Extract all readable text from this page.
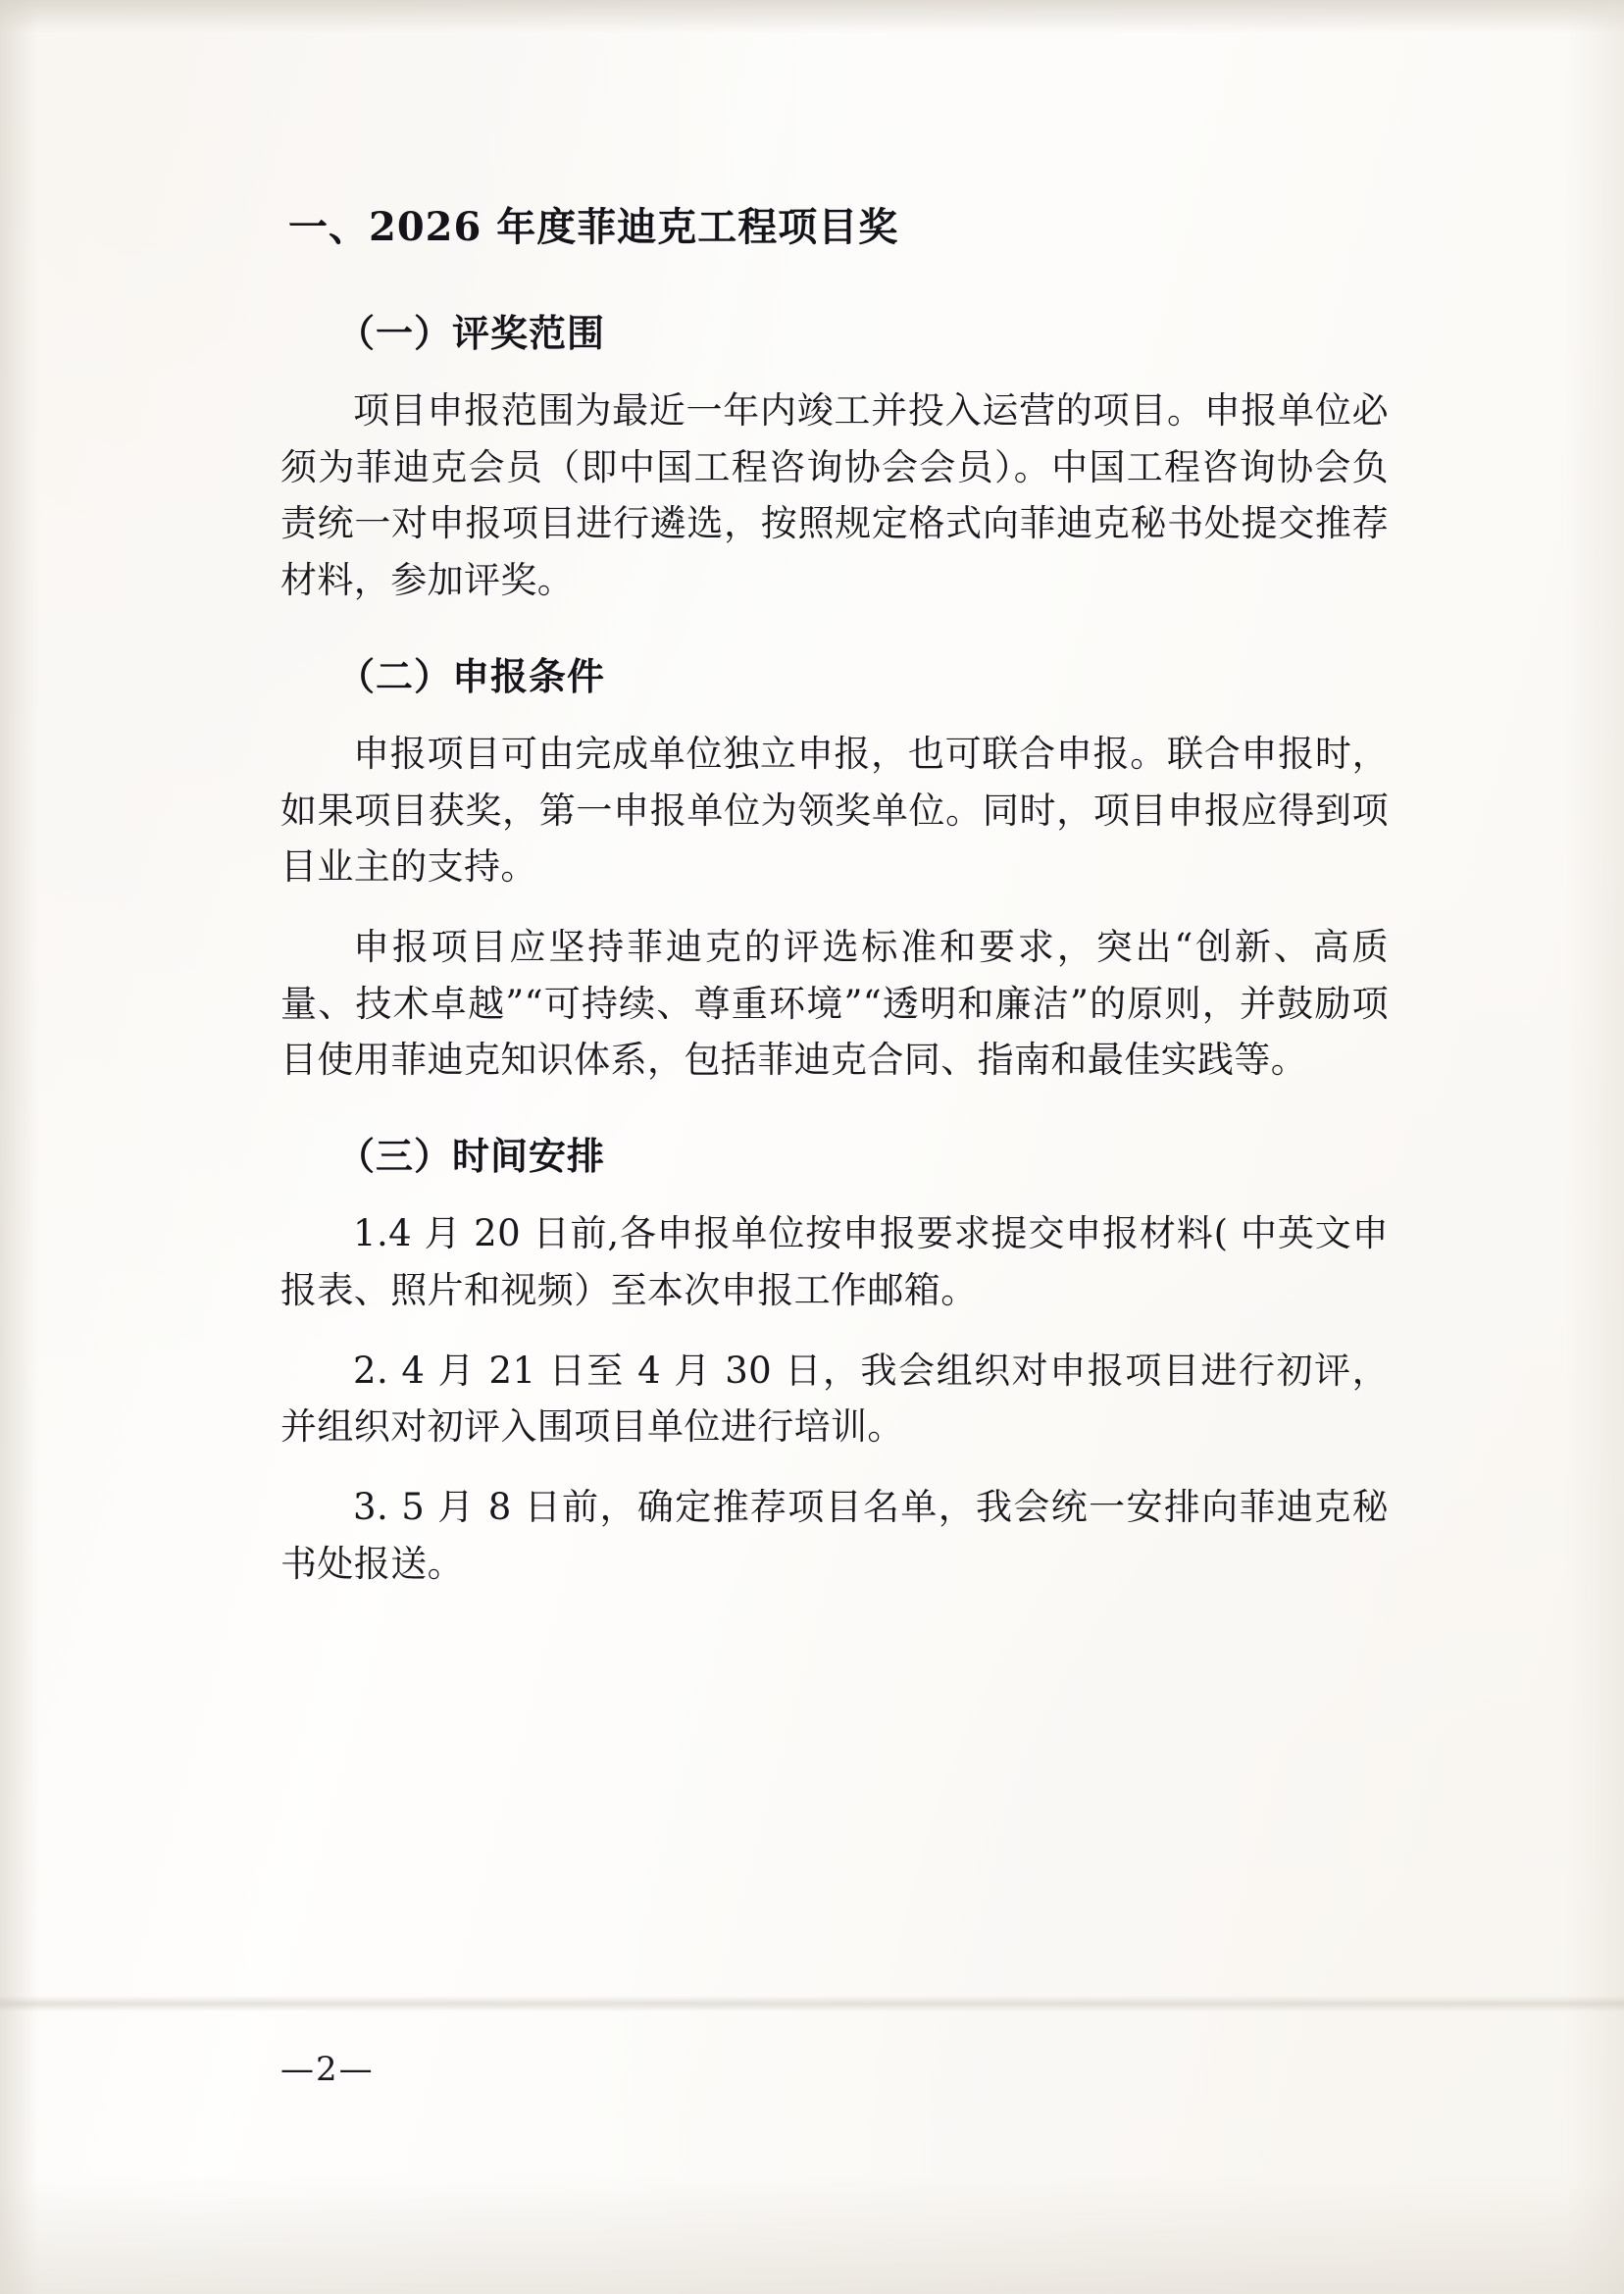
一、2026 年度菲迪克工程项目奖
（一）评奖范围

项目申报范围为最近一年内竣工并投入运营的项目。申报单位必须为菲迪克会员（即中国工程咨询协会会员）。中国工程咨询协会负责统一对申报项目进行遴选，按照规定格式向菲迪克秘书处提交推荐材料，参加评奖。

（二）申报条件

申报项目可由完成单位独立申报，也可联合申报。联合申报时，如果项目获奖，第一申报单位为领奖单位。同时，项目申报应得到项目业主的支持。

申报项目应坚持菲迪克的评选标准和要求，突出“创新、高质量、技术卓越”“可持续、尊重环境”“透明和廉洁”的原则，并鼓励项目使用菲迪克知识体系，包括菲迪克合同、指南和最佳实践等。

（三）时间安排

1.4 月 20 日前,各申报单位按申报要求提交申报材料( 中英文申报表、照片和视频）至本次申报工作邮箱。

2. 4 月 21 日至 4 月 30 日，我会组织对申报项目进行初评，并组织对初评入围项目单位进行培训。

3. 5 月 8 日前，确定推荐项目名单，我会统一安排向菲迪克秘书处报送。

—2—
